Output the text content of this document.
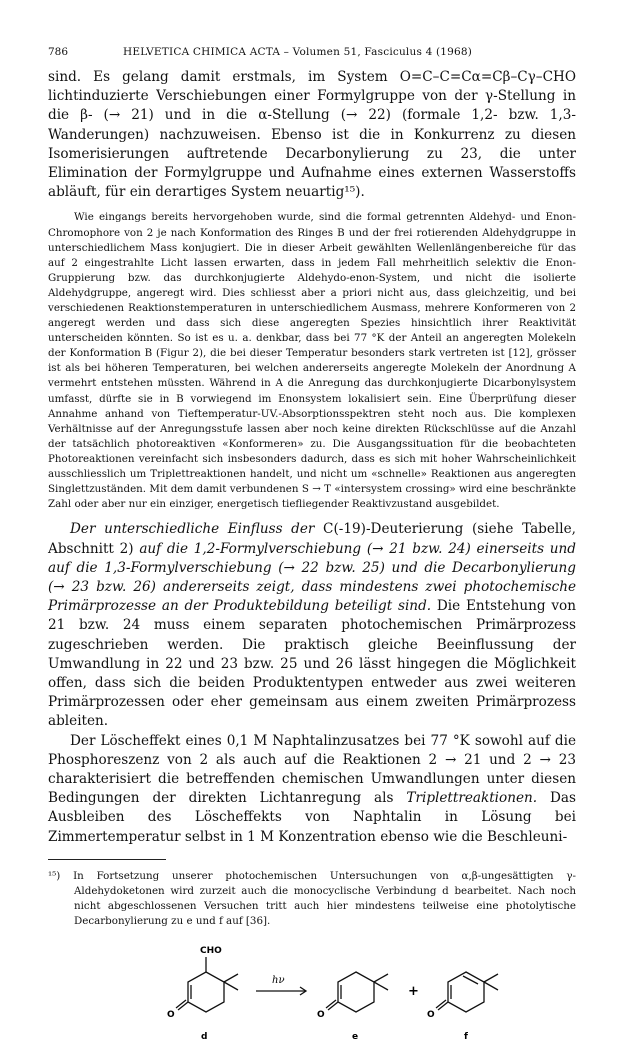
786	HELVETICA CHIMICA ACTA – Volumen 51, Fasciculus 4 (1968)

sind. Es gelang damit erstmals, im System O=C–C=Cα=Cβ–Cγ–CHO lichtinduzierte Verschiebungen einer Formylgruppe von der γ-Stellung in die β- (→ 21) und in die α-Stellung (→ 22) (formale 1,2- bzw. 1,3-Wanderungen) nachzuweisen. Ebenso ist die in Konkurrenz zu diesen Isomerisierungen auftretende Decarbonylierung zu 23, die unter Elimination der Formylgruppe und Aufnahme eines externen Wasserstoffs abläuft, für ein derartiges System neuartig¹⁵).

Wie eingangs bereits hervorgehoben wurde, sind die formal getrennten Aldehyd- und Enon-Chromophore von 2 je nach Konformation des Ringes B und der frei rotierenden Aldehydgruppe in unterschiedlichem Mass konjugiert. Die in dieser Arbeit gewählten Wellenlängenbereiche für das auf 2 eingestrahlte Licht lassen erwarten, dass in jedem Fall mehrheitlich selektiv die Enon-Gruppierung bzw. das durchkonjugierte Aldehydo-enon-System, und nicht die isolierte Aldehydgruppe, angeregt wird. Dies schliesst aber a priori nicht aus, dass gleichzeitig, und bei verschiedenen Reaktionstemperaturen in unterschiedlichem Ausmass, mehrere Konformeren von 2 angeregt werden und dass sich diese angeregten Spezies hinsichtlich ihrer Reaktivität unterscheiden könnten. So ist es u. a. denkbar, dass bei 77 °K der Anteil an angeregten Molekeln der Konformation B (Figur 2), die bei dieser Temperatur besonders stark vertreten ist [12], grösser ist als bei höheren Temperaturen, bei welchen andererseits angeregte Molekeln der Anordnung A vermehrt entstehen müssten. Während in A die Anregung das durchkonjugierte Dicarbonylsystem umfasst, dürfte sie in B vorwiegend im Enonsystem lokalisiert sein. Eine Überprüfung dieser Annahme anhand von Tieftemperatur-UV.-Absorptionsspektren steht noch aus. Die komplexen Verhältnisse auf der Anregungsstufe lassen aber noch keine direkten Rückschlüsse auf die Anzahl der tatsächlich photoreaktiven «Konformeren» zu. Die Ausgangssituation für die beobachteten Photoreaktionen vereinfacht sich insbesonders dadurch, dass es sich mit hoher Wahrscheinlichkeit ausschliesslich um Triplettreaktionen handelt, und nicht um «schnelle» Reaktionen aus angeregten Singlettzuständen. Mit dem damit verbundenen S → T «intersystem crossing» wird eine beschränkte Zahl oder aber nur ein einziger, energetisch tiefliegender Reaktivzustand ausgebildet.

Der unterschiedliche Einfluss der C(-19)-Deuterierung (siehe Tabelle, Abschnitt 2) auf die 1,2-Formylverschiebung (→ 21 bzw. 24) einerseits und auf die 1,3-Formylverschiebung (→ 22 bzw. 25) und die Decarbonylierung (→ 23 bzw. 26) andererseits zeigt, dass mindestens zwei photochemische Primärprozesse an der Produktebildung beteiligt sind. Die Entstehung von 21 bzw. 24 muss einem separaten photochemischen Primärprozess zugeschrieben werden. Die praktisch gleiche Beeinflussung der Umwandlung in 22 und 23 bzw. 25 und 26 lässt hingegen die Möglichkeit offen, dass sich die beiden Produktentypen entweder aus zwei weiteren Primärprozessen oder eher gemeinsam aus einem zweiten Primärprozess ableiten.

Der Löscheffekt eines 0,1 M Naphtalinzusatzes bei 77 °K sowohl auf die Phosphoreszenz von 2 als auch auf die Reaktionen 2 → 21 und 2 → 23 charakterisiert die betreffenden chemischen Umwandlungen unter diesen Bedingungen der direkten Lichtanregung als Triplettreaktionen. Das Ausbleiben des Löscheffekts von Naphtalin in Lösung bei Zimmertemperatur selbst in 1 M Konzentration ebenso wie die Beschleuni-

¹⁵) In Fortsetzung unserer photochemischen Untersuchungen von α,β-ungesättigten γ-Aldehydoketonen wird zurzeit auch die monocyclische Verbindung d bearbeitet. Nach noch nicht abgeschlossenen Versuchen tritt auch hier mindestens teilweise eine photolytische Decarbonylierung zu e und f auf [36].

CHO
O	O	O
hν
+
d	e	f
